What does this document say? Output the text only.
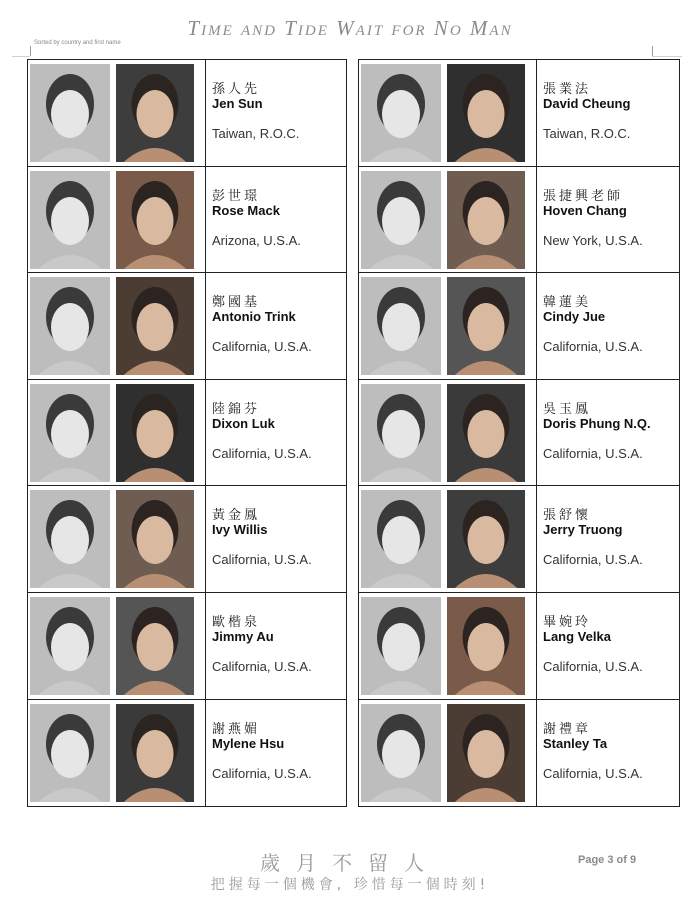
Time and Tide Wait for No Man
Sorted by country and first name
孫人先
Jen Sun
Taiwan, R.O.C.
彭世璟
Rose Mack
Arizona, U.S.A.
鄭國基
Antonio Trink
California, U.S.A.
陸錦芬
Dixon Luk
California, U.S.A.
黃金鳳
Ivy Willis
California, U.S.A.
歐楷泉
Jimmy Au
California, U.S.A.
謝燕媚
Mylene Hsu
California, U.S.A.
張業法
David Cheung
Taiwan, R.O.C.
張捷興老師
Hoven Chang
New York, U.S.A.
韓蓮美
Cindy Jue
California, U.S.A.
吳玉鳳
Doris Phung N.Q.
California, U.S.A.
張舒懷
Jerry Truong
California, U.S.A.
畢婉玲
Lang Velka
California, U.S.A.
謝禮章
Stanley Ta
California, U.S.A.
歲月不留人
把握每一個機會, 珍惜每一個時刻!
Page 3 of 9
